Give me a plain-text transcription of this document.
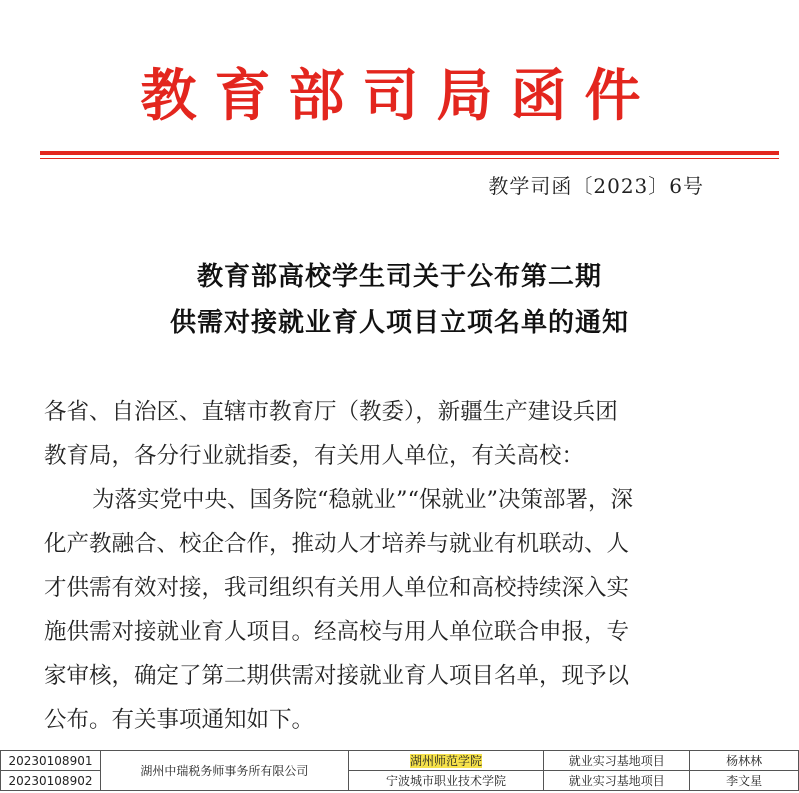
教育部司局函件
教学司函〔2023〕6号
教育部高校学生司关于公布第二期
供需对接就业育人项目立项名单的通知
各省、自治区、直辖市教育厅（教委），新疆生产建设兵团
教育局，各分行业就指委，有关用人单位，有关高校：
为落实党中央、国务院“稳就业”“保就业”决策部署，深
化产教融合、校企合作，推动人才培养与就业有机联动、人
才供需有效对接，我司组织有关用人单位和高校持续深入实
施供需对接就业育人项目。经高校与用人单位联合申报，专
家审核，确定了第二期供需对接就业育人项目名单，现予以
公布。有关事项通知如下。
20230108901	湖州中瑞税务师事务所有限公司	湖州师范学院	就业实习基地项目	杨林林
20230108902		宁波城市职业技术学院	就业实习基地项目	李文星
